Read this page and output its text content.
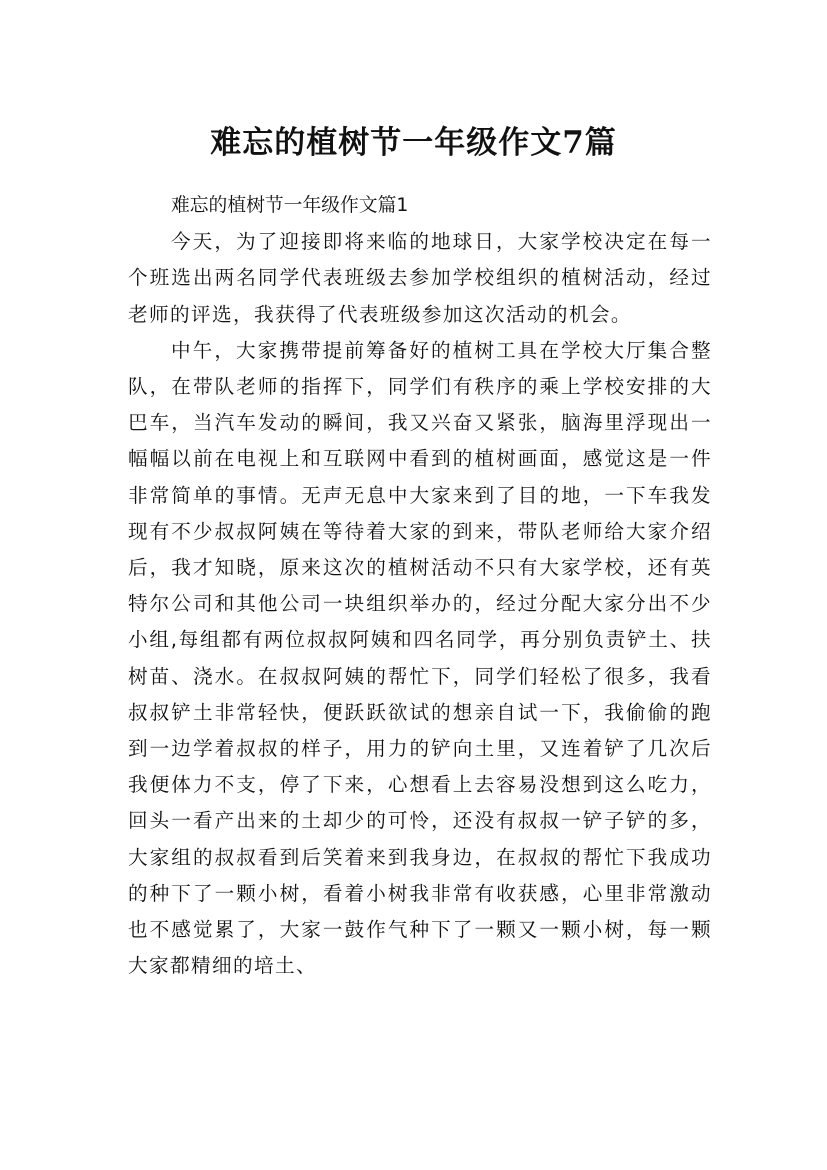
难忘的植树节一年级作文7篇
难忘的植树节一年级作文篇1

今天，为了迎接即将来临的地球日，大家学校决定在每一个班选出两名同学代表班级去参加学校组织的植树活动，经过老师的评选，我获得了代表班级参加这次活动的机会。

中午，大家携带提前筹备好的植树工具在学校大厅集合整队，在带队老师的指挥下，同学们有秩序的乘上学校安排的大巴车，当汽车发动的瞬间，我又兴奋又紧张，脑海里浮现出一幅幅以前在电视上和互联网中看到的植树画面，感觉这是一件非常简单的事情。无声无息中大家来到了目的地，一下车我发现有不少叔叔阿姨在等待着大家的到来，带队老师给大家介绍后，我才知晓，原来这次的植树活动不只有大家学校，还有英特尔公司和其他公司一块组织举办的，经过分配大家分出不少小组,每组都有两位叔叔阿姨和四名同学，再分别负责铲土、扶树苗、浇水。在叔叔阿姨的帮忙下，同学们轻松了很多，我看叔叔铲土非常轻快，便跃跃欲试的想亲自试一下，我偷偷的跑到一边学着叔叔的样子，用力的铲向土里，又连着铲了几次后我便体力不支，停了下来，心想看上去容易没想到这么吃力，回头一看产出来的土却少的可怜，还没有叔叔一铲子铲的多，大家组的叔叔看到后笑着来到我身边，在叔叔的帮忙下我成功的种下了一颗小树，看着小树我非常有收获感，心里非常激动也不感觉累了，大家一鼓作气种下了一颗又一颗小树，每一颗大家都精细的培土、
